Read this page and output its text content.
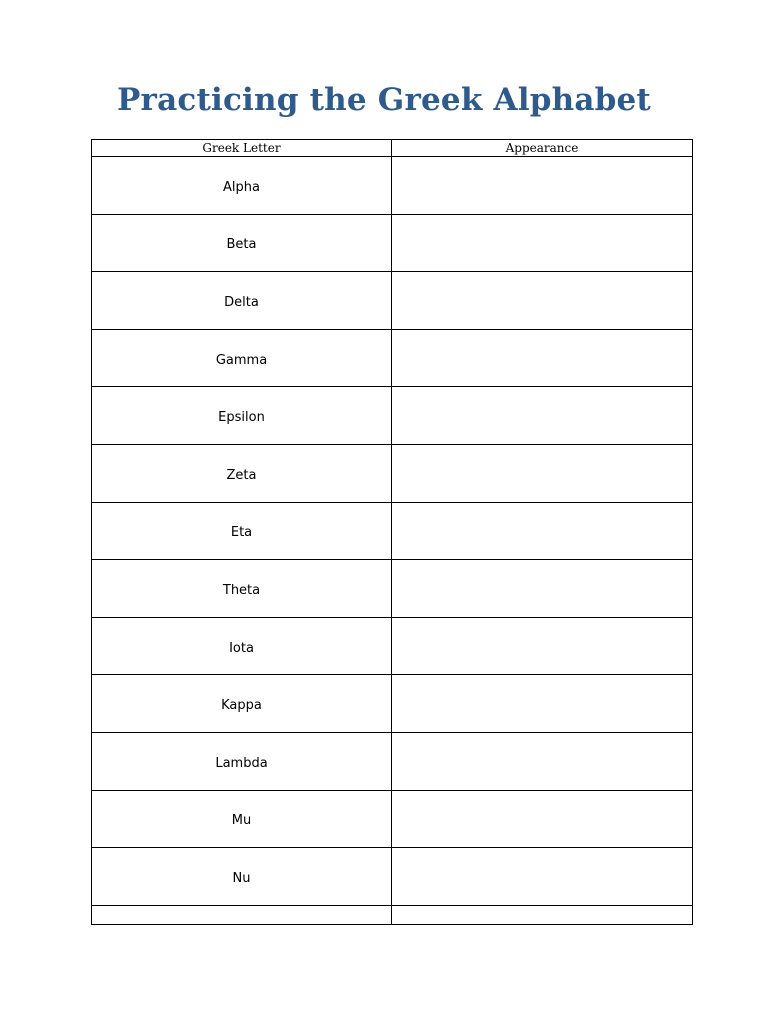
Practicing the Greek Alphabet
Greek Letter	Appearance
Alpha	
Beta	
Delta	
Gamma	
Epsilon	
Zeta	
Eta	
Theta	
Iota	
Kappa	
Lambda	
Mu	
Nu	
